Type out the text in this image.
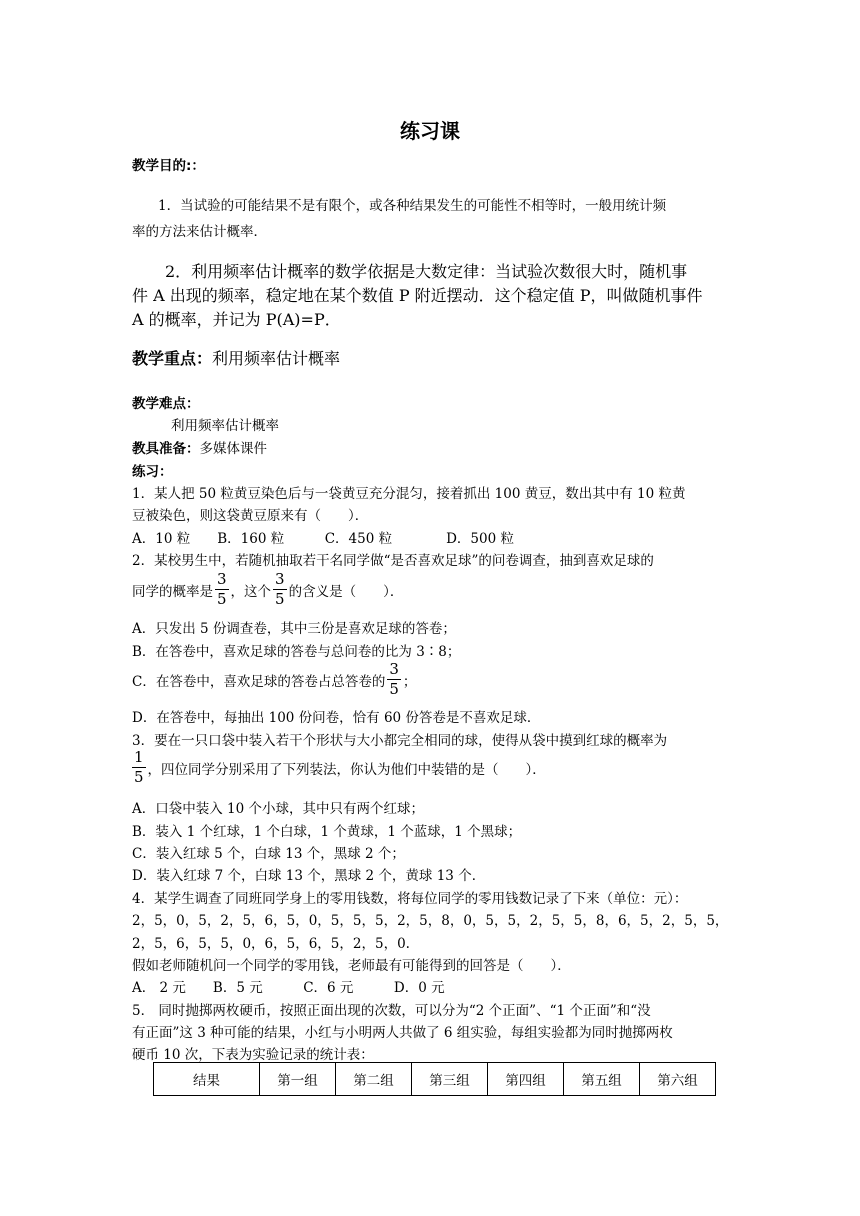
练习课
教学目的:：
1．当试验的可能结果不是有限个，或各种结果发生的可能性不相等时，一般用统计频
率的方法来估计概率．
2．利用频率估计概率的数学依据是大数定律：当试验次数很大时，随机事
件 A 出现的频率，稳定地在某个数值 P 附近摆动．这个稳定值 P，叫做随机事件
A 的概率，并记为 P(A)=P．
教学重点：利用频率估计概率
教学难点：
利用频率估计概率
教具准备：多媒体课件
练习：
1．某人把 50 粒黄豆染色后与一袋黄豆充分混匀，接着抓出 100 黄豆，数出其中有 10 粒黄
豆被染色，则这袋黄豆原来有（　　）．
A．10 粒　　B．160 粒　　　C．450 粒　　　　D．500 粒
2．某校男生中，若随机抽取若干名同学做“是否喜欢足球”的问卷调查，抽到喜欢足球的
同学的概率是 $\frac{3}{5}$ ，这个 $\frac{3}{5}$ 的含义是（　　）．
A．只发出 5 份调查卷，其中三份是喜欢足球的答卷；
B．在答卷中，喜欢足球的答卷与总问卷的比为 3∶8；
C．在答卷中，喜欢足球的答卷占总答卷的 $\frac{3}{5}$ ；
D．在答卷中，每抽出 100 份问卷，恰有 60 份答卷是不喜欢足球．
3．要在一只口袋中装入若干个形状与大小都完全相同的球，使得从袋中摸到红球的概率为
$\frac{1}{5}$ ，四位同学分别采用了下列装法，你认为他们中装错的是（　　）．
A．口袋中装入 10 个小球，其中只有两个红球；
B．装入 1 个红球，1 个白球，1 个黄球，1 个蓝球，1 个黑球；
C．装入红球 5 个，白球 13 个，黑球 2 个；
D．装入红球 7 个，白球 13 个，黑球 2 个，黄球 13 个．
4．某学生调查了同班同学身上的零用钱数，将每位同学的零用钱数记录了下来（单位：元）：
2，5，0，5，2，5，6，5，0，5，5，5，2，5，8，0，5，5，2，5，5，8，6，5，2，5，5，
2，5，6，5，5，0，6，5，6，5，2，5，0.
假如老师随机问一个同学的零用钱，老师最有可能得到的回答是（　　）．
A． 2 元　　B．5 元　　　C．6 元　　　D．0 元
5． 同时抛掷两枚硬币，按照正面出现的次数，可以分为“2 个正面”、“1 个正面”和“没
有正面”这 3 种可能的结果，小红与小明两人共做了 6 组实验，每组实验都为同时抛掷两枚
硬币 10 次，下表为实验记录的统计表：
结果	第一组	第二组	第三组	第四组	第五组	第六组
